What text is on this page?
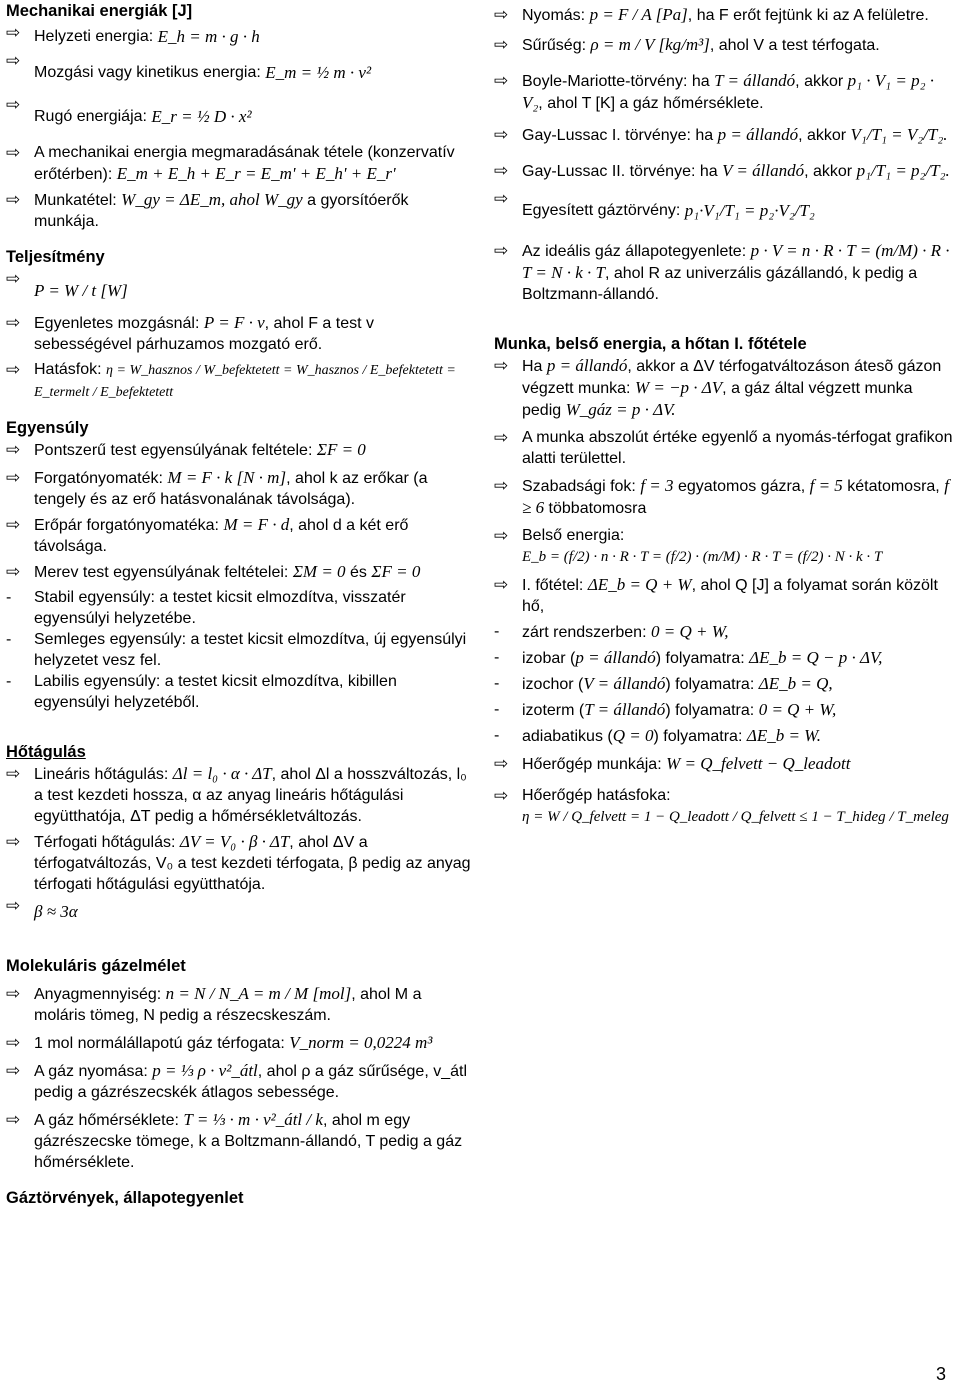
Mechanikai energiák [J]

⇨ Helyzeti energia:
E_h = m · g · h
⇨
Mozgási vagy kinetikus energia:
E_m = ½ m · v²
⇨
Rugó energiája:
E_r = ½ D · x²
⇨ A mechanikai energia megmaradásának tétele (konzervatív erőtérben): E_m + E_h + E_r = E_m' + E_h' + E_r'
⇨ Munkatétel: W_gy = ΔE_m, ahol W_gy a gyorsítóerők munkája.

Teljesítmény

⇨
P = W / t [W]
⇨ Egyenletes mozgásnál: P = F · v, ahol F a test v sebességével párhuzamos mozgató erő.
⇨ Hatásfok: η = W_hasznos / W_befektetett = W_hasznos / E_befektetett = E_termelt / E_befektetett

Egyensúly

⇨ Pontszerű test egyensúlyának feltétele: ΣF = 0
⇨ Forgatónyomaték: M = F · k [N · m], ahol k az erőkar (a tengely és az erő hatásvonalának távolsága).
⇨ Erőpár forgatónyomatéka: M = F · d, ahol d a két erő távolsága.
⇨ Merev test egyensúlyának feltételei: ΣM = 0 és ΣF = 0
- Stabil egyensúly: a testet kicsit elmozdítva, visszatér egyensúlyi helyzetébe.
- Semleges egyensúly: a testet kicsit elmozdítva, új egyensúlyi helyzetet vesz fel.
- Labilis egyensúly: a testet kicsit elmozdítva, kibillen egyensúlyi helyzetéből.

Hőtágulás

⇨ Lineáris hőtágulás: Δl = l₀ · α · ΔT, ahol Δl a hosszváltozás, l₀ a test kezdeti hossza, α az anyag lineáris hőtágulási együtthatója, ΔT pedig a hőmérsékletváltozás.
⇨ Térfogati hőtágulás: ΔV = V₀ · β · ΔT, ahol ΔV a térfogatváltozás, V₀ a test kezdeti térfogata, β pedig az anyag térfogati hőtágulási együtthatója.
⇨ β ≈ 3α

Molekuláris gázelmélet

⇨ Anyagmennyiség: n = N / N_A = m / M [mol], ahol M a moláris tömeg, N pedig a részecskeszám.
⇨ 1 mol normálállapotú gáz térfogata: V_norm = 0,0224 m³
⇨ A gáz nyomása: p = ⅓ ρ · v²_átl, ahol ρ a gáz sűrűsége, v_átl pedig a gázrészecskék átlagos sebessége.
⇨ A gáz hőmérséklete: T = ⅓ · m · v²_átl / k, ahol m egy gázrészecske tömege, k a Boltzmann-állandó, T pedig a gáz hőmérséklete.

Gáztörvények, állapotegyenlet

⇨ Nyomás: p = F / A [Pa], ha F erőt fejtünk ki az A felületre.
⇨ Sűrűség: ρ = m / V [kg/m³], ahol V a test térfogata.
⇨ Boyle-Mariotte-törvény: ha T = állandó, akkor p₁ · V₁ = p₂ · V₂, ahol T [K] a gáz hőmérséklete.
⇨ Gay-Lussac I. törvénye: ha p = állandó, akkor V₁/T₁ = V₂/T₂.
⇨ Gay-Lussac II. törvénye: ha V = állandó, akkor p₁/T₁ = p₂/T₂.
⇨
Egyesített gáztörvény:
p₁·V₁/T₁ = p₂·V₂/T₂
⇨ Az ideális gáz állapotegyenlete: p · V = n · R · T = (m/M) · R · T = N · k · T, ahol R az univerzális gázállandó, k pedig a Boltzmann-állandó.

Munka, belső energia, a hőtan I. főtétele

⇨ Ha p = állandó, akkor a ΔV térfogatváltozáson átesõ gázon végzett munka: W = −p · ΔV, a gáz által végzett munka pedig W_gáz = p · ΔV.
⇨ A munka abszolút értéke egyenlő a nyomás-térfogat grafikon alatti területtel.
⇨ Szabadsági fok: f = 3 egyatomos gázra, f = 5 kétatomosra, f ≥ 6 többatomosra
⇨ Belső energia:
E_b = (f/2) · n · R · T = (f/2) · (m/M) · R · T = (f/2) · N · k · T
⇨ I. főtétel: ΔE_b = Q + W, ahol Q [J] a folyamat során közölt hő,
- zárt rendszerben: 0 = Q + W,
- izobar (p = állandó) folyamatra: ΔE_b = Q − p · ΔV,
- izochor (V = állandó) folyamatra: ΔE_b = Q,
- izoterm (T = állandó) folyamatra: 0 = Q + W,
- adiabatikus (Q = 0) folyamatra: ΔE_b = W.
⇨ Hőerőgép munkája: W = Q_felvett − Q_leadott
⇨ Hőerőgép hatásfoka:
η = W / Q_felvett = 1 − Q_leadott / Q_felvett ≤ 1 − T_hideg / T_meleg
3
